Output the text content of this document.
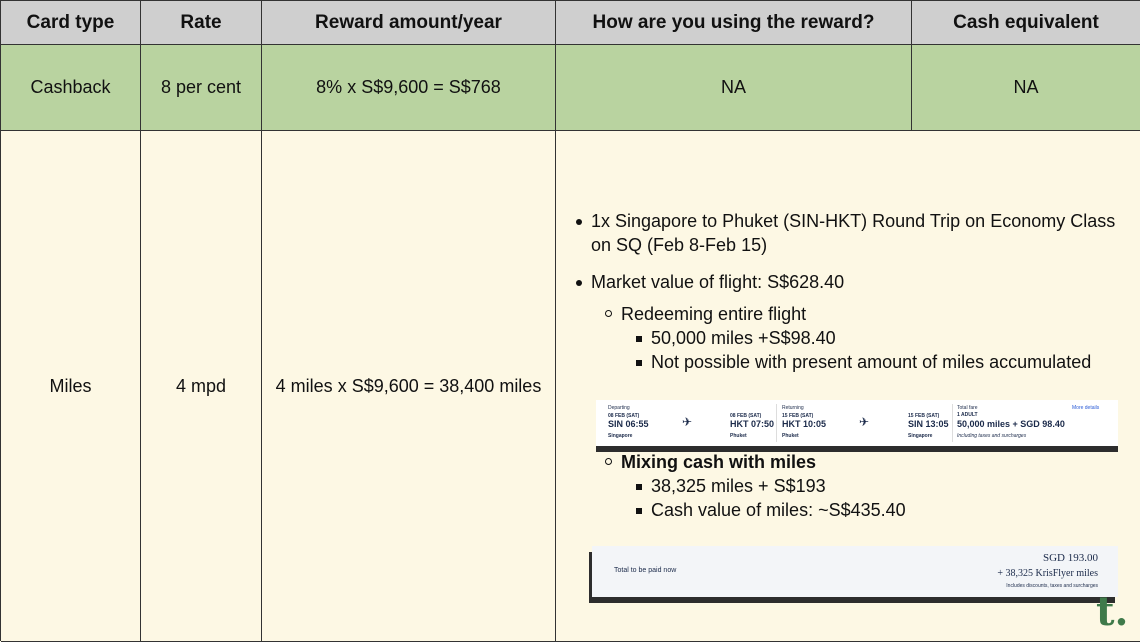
Card type	Rate	Reward amount/year	How are you using the reward?	Cash equivalent
Cashback	8 per cent	8% x S$9,600 = S$768	NA	NA
Miles	4 mpd	4 miles x S$9,600 = 38,400 miles
1x Singapore to Phuket (SIN-HKT) Round Trip on Economy Class on SQ (Feb 8-Feb 15)
Market value of flight: S$628.40
Redeeming entire flight
50,000 miles +S$98.40
Not possible with present amount of miles accumulated
Mixing cash with miles
38,325 miles + S$193
Cash value of miles: ~S$435.40
Departing
08 FEB (SAT)
SIN 06:55
Singapore
✈	08 FEB (SAT)
HKT 07:50
Phuket
Returning
15 FEB (SAT)
HKT 10:05
Phuket
✈	15 FEB (SAT)
SIN 13:05
Singapore
Total fare
1 ADULT
More details
50,000 miles + SGD 98.40
Including taxes and surcharges
Total to be paid now
SGD 193.00
+ 38,325 KrisFlyer miles
Includes discounts, taxes and surcharges
t.
